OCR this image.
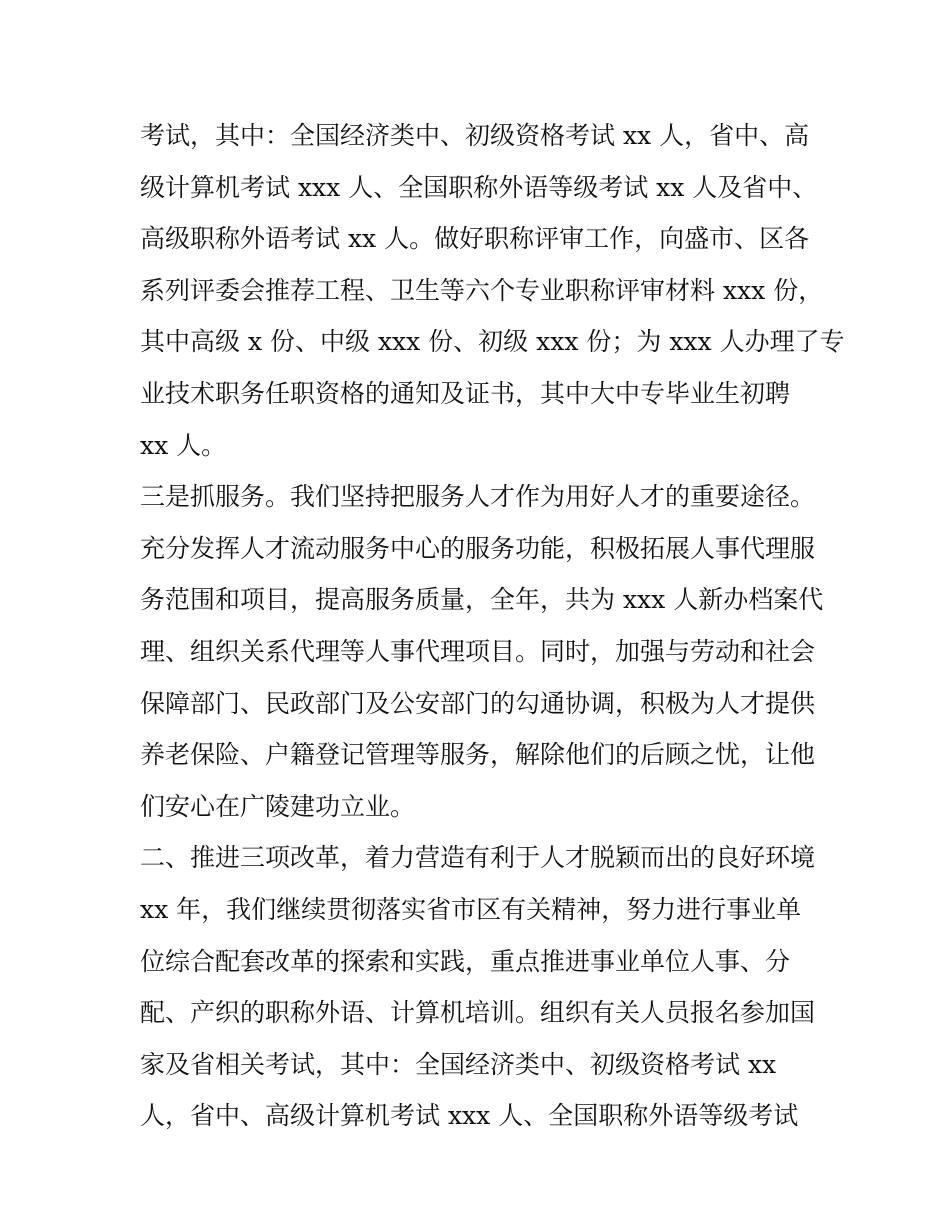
考试，其中：全国经济类中、初级资格考试 xx 人，省中、高
级计算机考试 xxx 人、全国职称外语等级考试 xx 人及省中、
高级职称外语考试 xx 人。做好职称评审工作，向盛市、区各
系列评委会推荐工程、卫生等六个专业职称评审材料 xxx 份，
其中高级 x 份、中级 xxx 份、初级 xxx 份；为 xxx 人办理了专
业技术职务任职资格的通知及证书，其中大中专毕业生初聘
xx 人。
三是抓服务。我们坚持把服务人才作为用好人才的重要途径。
充分发挥人才流动服务中心的服务功能，积极拓展人事代理服
务范围和项目，提高服务质量，全年，共为 xxx 人新办档案代
理、组织关系代理等人事代理项目。同时，加强与劳动和社会
保障部门、民政部门及公安部门的勾通协调，积极为人才提供
养老保险、户籍登记管理等服务，解除他们的后顾之忧，让他
们安心在广陵建功立业。
二、推进三项改革，着力营造有利于人才脱颖而出的良好环境
xx 年，我们继续贯彻落实省市区有关精神，努力进行事业单
位综合配套改革的探索和实践，重点推进事业单位人事、分
配、产织的职称外语、计算机培训。组织有关人员报名参加国
家及省相关考试，其中：全国经济类中、初级资格考试 xx
人，省中、高级计算机考试 xxx 人、全国职称外语等级考试
